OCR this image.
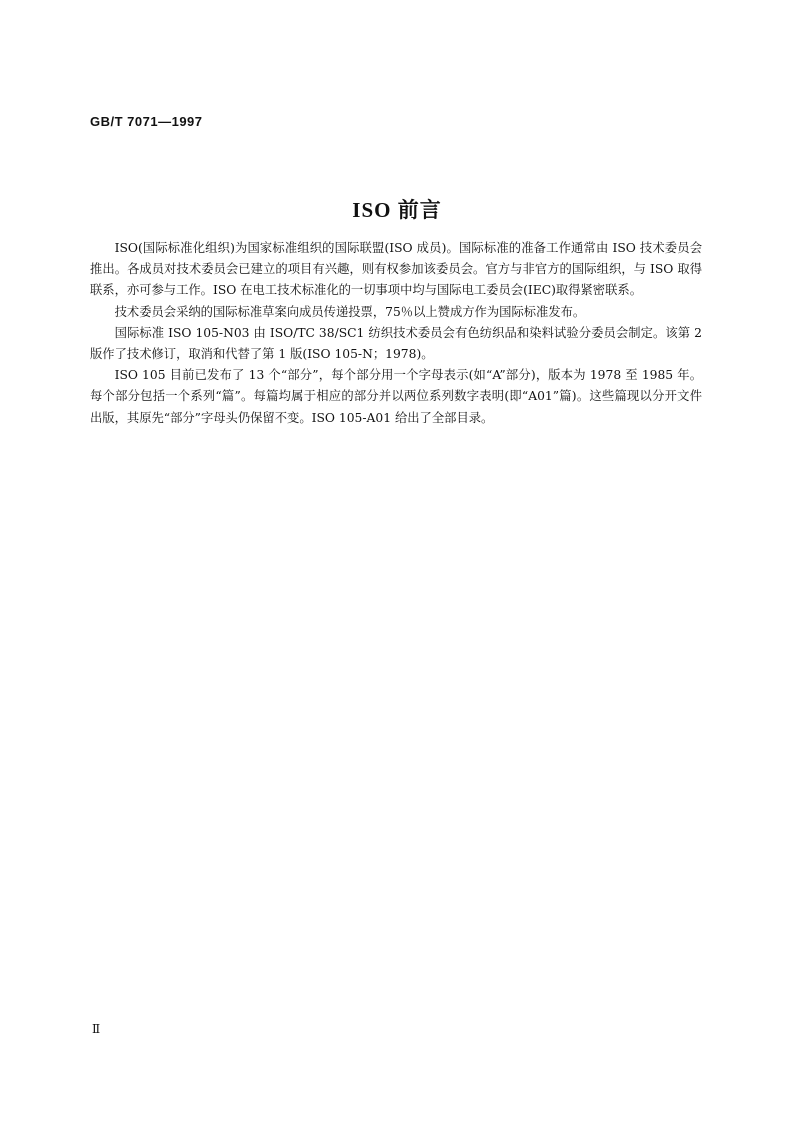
GB/T 7071—1997
ISO 前言

ISO(国际标准化组织)为国家标准组织的国际联盟(ISO 成员)。国际标准的准备工作通常由 ISO 技术委员会推出。各成员对技术委员会已建立的项目有兴趣，则有权参加该委员会。官方与非官方的国际组织，与 ISO 取得联系，亦可参与工作。ISO 在电工技术标准化的一切事项中均与国际电工委员会(IEC)取得紧密联系。

技术委员会采纳的国际标准草案向成员传递投票，75％以上赞成方作为国际标准发布。

国际标准 ISO 105-N03 由 ISO/TC 38/SC1 纺织技术委员会有色纺织品和染料试验分委员会制定。该第 2 版作了技术修订，取消和代替了第 1 版(ISO 105-N；1978)。

ISO 105 目前已发布了 13 个“部分”，每个部分用一个字母表示(如“A”部分)，版本为 1978 至 1985 年。每个部分包括一个系列“篇”。每篇均属于相应的部分并以两位系列数字表明(即“A01”篇)。这些篇现以分开文件出版，其原先“部分”字母头仍保留不变。ISO 105-A01 给出了全部目录。

Ⅱ
